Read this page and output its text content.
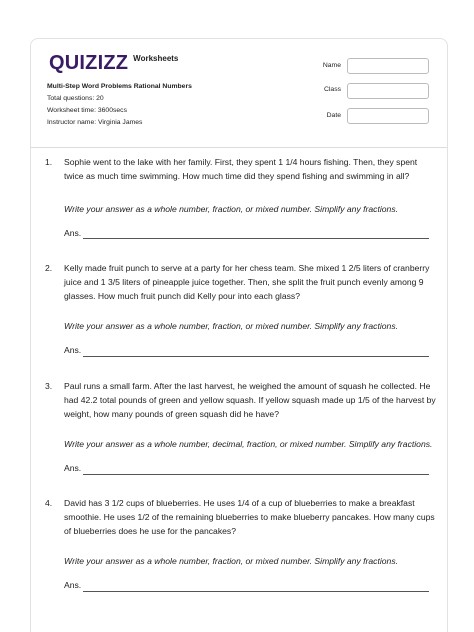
QUIZIZZ Worksheets
Multi-Step Word Problems Rational Numbers
Total questions: 20
Worksheet time: 3600secs
Instructor name: Virginia James
Name
Class
Date
1. Sophie went to the lake with her family. First, they spent 1 1/4 hours fishing. Then, they spent twice as much time swimming. How much time did they spend fishing and swimming in all?
Write your answer as a whole number, fraction, or mixed number. Simplify any fractions.
Ans.
2. Kelly made fruit punch to serve at a party for her chess team. She mixed 1 2/5 liters of cranberry juice and 1 3/5 liters of pineapple juice together. Then, she split the fruit punch evenly among 9 glasses. How much fruit punch did Kelly pour into each glass?
Write your answer as a whole number, fraction, or mixed number. Simplify any fractions.
Ans.
3. Paul runs a small farm. After the last harvest, he weighed the amount of squash he collected. He had 42.2 total pounds of green and yellow squash. If yellow squash made up 1/5 of the harvest by weight, how many pounds of green squash did he have?
Write your answer as a whole number, decimal, fraction, or mixed number. Simplify any fractions.
Ans.
4. David has 3 1/2 cups of blueberries. He uses 1/4 of a cup of blueberries to make a breakfast smoothie. He uses 1/2 of the remaining blueberries to make blueberry pancakes. How many cups of blueberries does he use for the pancakes?
Write your answer as a whole number, fraction, or mixed number. Simplify any fractions.
Ans.
